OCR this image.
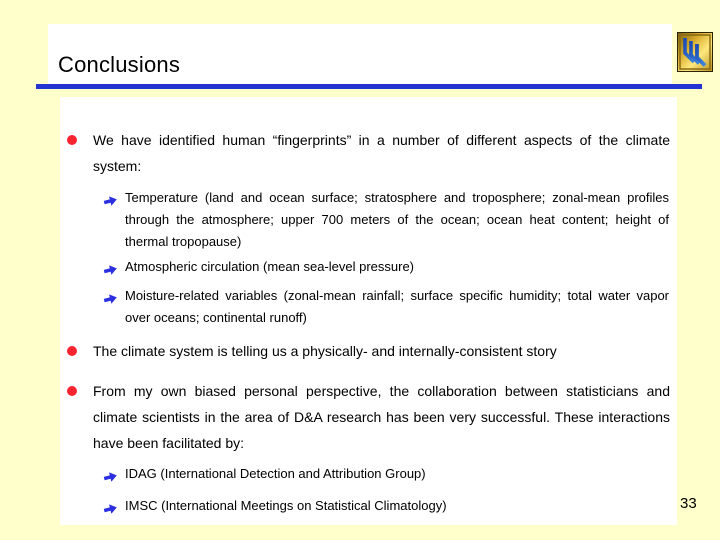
Conclusions
We have identified human “fingerprints” in a number of different aspects of the climate system:
Temperature (land and ocean surface; stratosphere and troposphere; zonal-mean profiles through the atmosphere; upper 700 meters of the ocean; ocean heat content; height of thermal tropopause)
Atmospheric circulation (mean sea-level pressure)
Moisture-related variables (zonal-mean rainfall; surface specific humidity; total water vapor over oceans; continental runoff)
The climate system is telling us a physically- and internally-consistent story
From my own biased personal perspective, the collaboration between statisticians and climate scientists in the area of D&A research has been very successful. These interactions have been facilitated by:
IDAG (International Detection and Attribution Group)
IMSC (International Meetings on Statistical Climatology)	33
